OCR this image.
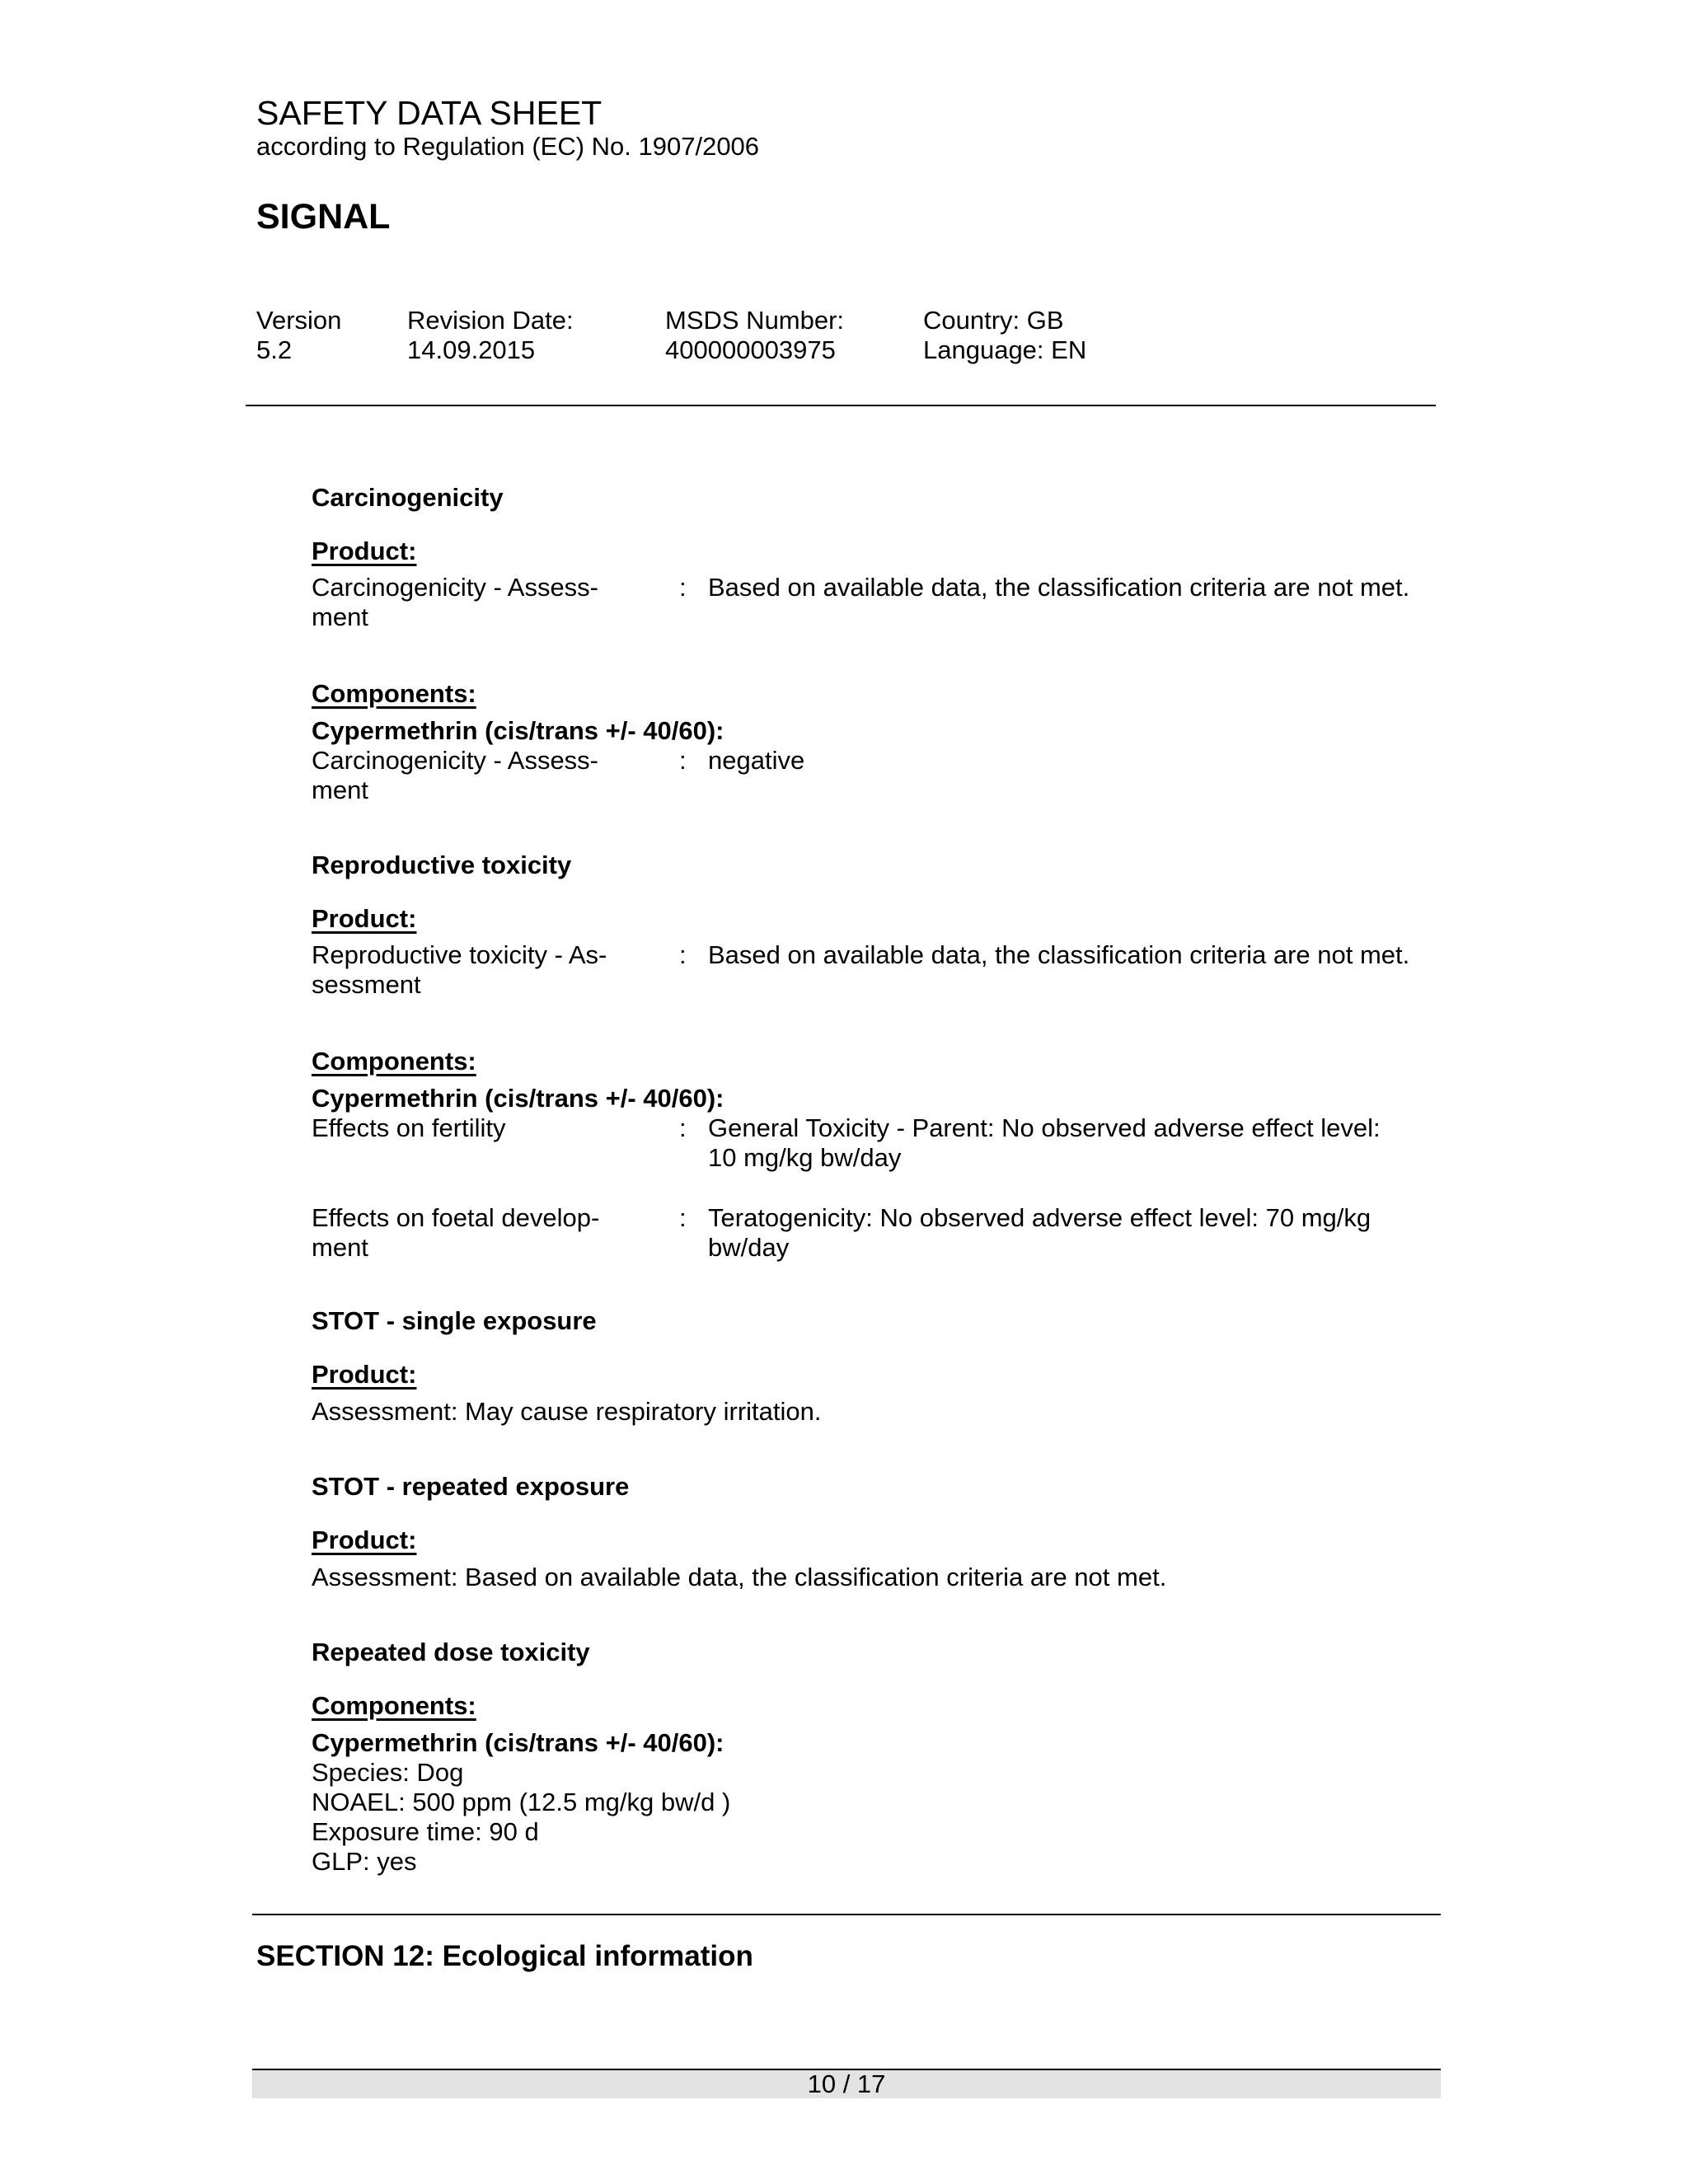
SAFETY DATA SHEET
according to Regulation (EC) No. 1907/2006
SIGNAL
Version
5.2
Revision Date:
14.09.2015
MSDS Number:
400000003975
Country: GB
Language: EN
Carcinogenicity
Product:
Carcinogenicity - Assess-
ment
: Based on available data, the classification criteria are not met.
Components:
Cypermethrin (cis/trans +/- 40/60):
Carcinogenicity - Assess-
ment
: negative
Reproductive toxicity
Product:
Reproductive toxicity - As-
sessment
: Based on available data, the classification criteria are not met.
Components:
Cypermethrin (cis/trans +/- 40/60):
Effects on fertility	: General Toxicity - Parent: No observed adverse effect level:
10 mg/kg bw/day
Effects on foetal develop-
ment
: Teratogenicity: No observed adverse effect level: 70 mg/kg
bw/day
STOT - single exposure
Product:
Assessment: May cause respiratory irritation.
STOT - repeated exposure
Product:
Assessment: Based on available data, the classification criteria are not met.
Repeated dose toxicity
Components:
Cypermethrin (cis/trans +/- 40/60):
Species: Dog
NOAEL: 500 ppm (12.5 mg/kg bw/d )
Exposure time: 90 d
GLP: yes
SECTION 12: Ecological information
10 / 17
